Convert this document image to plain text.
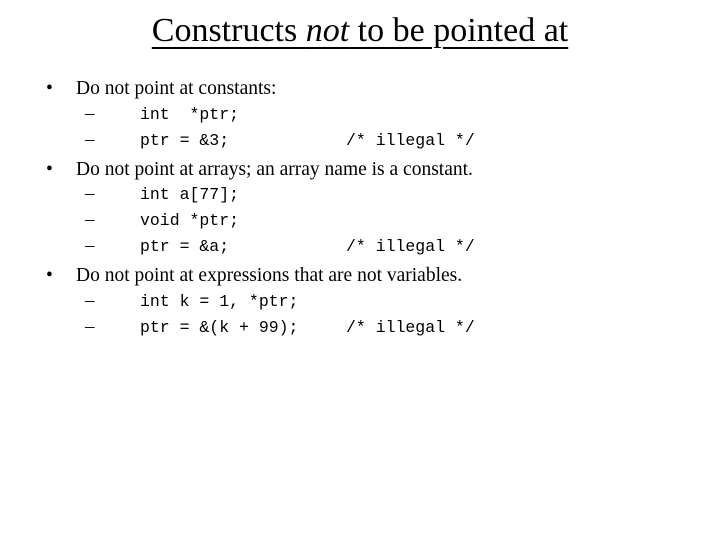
Constructs not to be pointed at
• Do not point at constants:
–	int  *ptr;
–	ptr = &3;	/* illegal */
• Do not point at arrays; an array name is a constant.
–	int a[77];
–	void *ptr;
–	ptr = &a;	/* illegal */
• Do not point at expressions that are not variables.
–	int k = 1, *ptr;
–	ptr = &(k + 99);	/* illegal */
